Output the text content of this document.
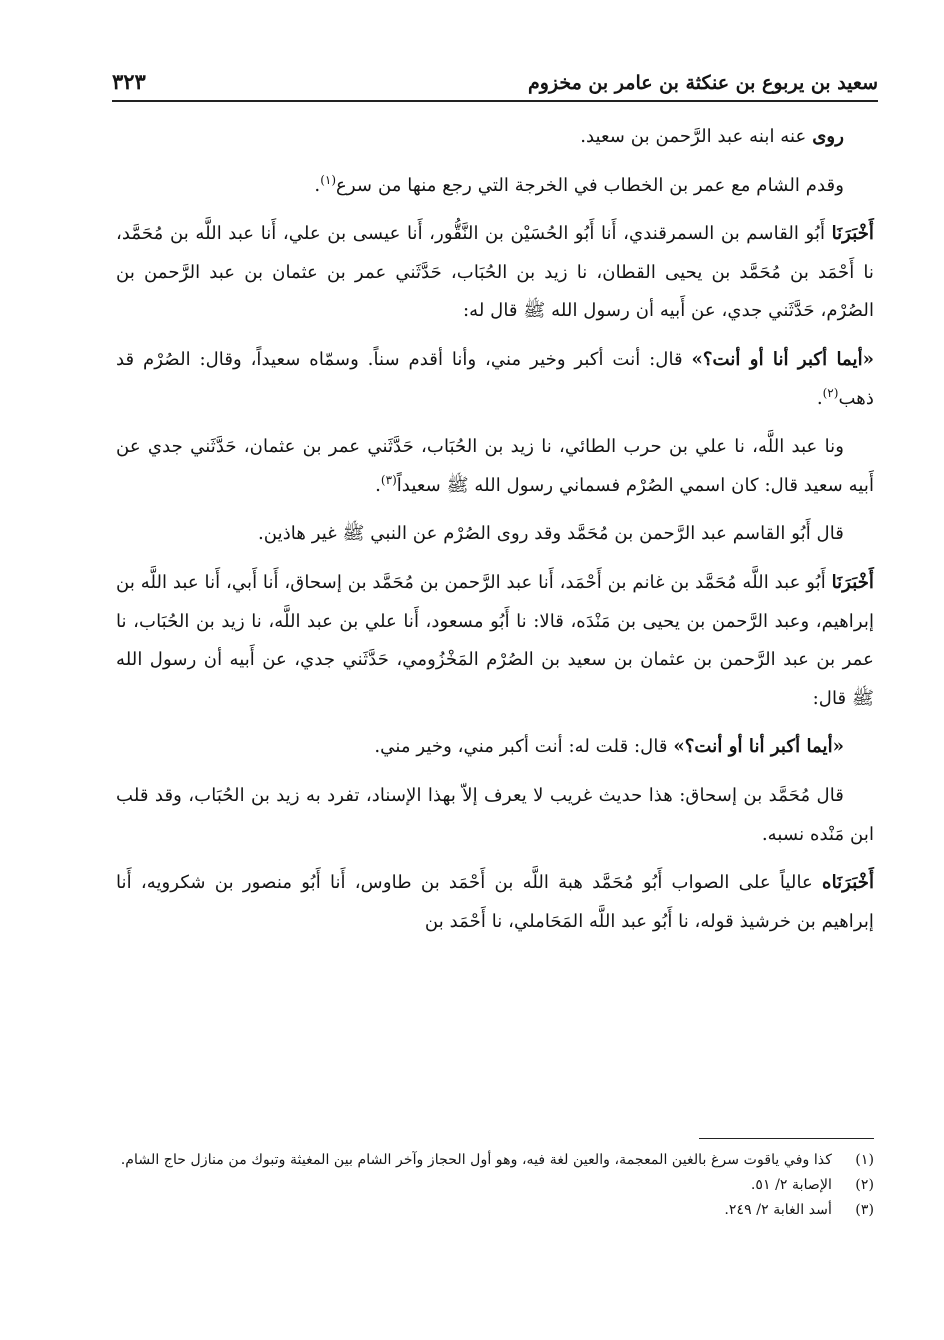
سعيد بن يربوع بن عنكثة بن عامر بن مخزوم
٣٢٣

روى عنه ابنه عبد الرَّحمن بن سعيد.

وقدم الشام مع عمر بن الخطاب في الخرجة التي رجع منها من سرع$^{(١)}$.

أَخْبَرَنَا أَبُو القاسم بن السمرقندي، أَنا أَبُو الحُسَيْن بن النَّقُّور، أَنا عيسى بن علي، أَنا عبد اللَّه بن مُحَمَّد، نا أَحْمَد بن مُحَمَّد بن يحيى القطان، نا زيد بن الحُبَاب، حَدَّثَني عمر بن عثمان بن عبد الرَّحمن بن الصُرْم، حَدَّثَني جدي، عن أَبيه أن رسول الله ﷺ قال له:

«أيما أكبر أنا أو أنت؟» قال: أنت أكبر وخير مني، وأنا أقدم سناً. وسمّاه سعيداً، وقال: الصُرْم قد ذهب$^{(٢)}$.

ونا عبد اللَّه، نا علي بن حرب الطائي، نا زيد بن الحُبَاب، حَدَّثَني عمر بن عثمان، حَدَّثَني جدي عن أَبيه سعيد قال: كان اسمي الصُرْم فسماني رسول الله ﷺ سعيداً$^{(٣)}$.

قال أَبُو القاسم عبد الرَّحمن بن مُحَمَّد وقد روى الصُرْم عن النبي ﷺ غير هاذين.

أَخْبَرَنَا أَبُو عبد اللَّه مُحَمَّد بن غانم بن أَحْمَد، أَنا عبد الرَّحمن بن مُحَمَّد بن إسحاق، أَنا أَبي، أَنا عبد اللَّه بن إبراهيم، وعبد الرَّحمن بن يحيى بن مَنْدَه، قالا: نا أَبُو مسعود، أَنا علي بن عبد اللَّه، نا زيد بن الحُبَاب، نا عمر بن عبد الرَّحمن بن عثمان بن سعيد بن الصُرْم المَخْزُومي، حَدَّثَني جدي، عن أَبيه أن رسول الله ﷺ قال:

«أيما أكبر أنا أو أنت؟» قال: قلت له: أنت أكبر مني، وخير مني.

قال مُحَمَّد بن إسحاق: هذا حديث غريب لا يعرف إلاّ بهذا الإسناد، تفرد به زيد بن الحُبَاب، وقد قلب ابن مَنْده نسبه.

أَخْبَرَنَاه عالياً على الصواب أَبُو مُحَمَّد هبة اللَّه بن أَحْمَد بن طاوس، أَنا أَبُو منصور بن شكرويه، أَنا إبراهيم بن خرشيذ قوله، نا أَبُو عبد اللَّه المَحَاملي، نا أَحْمَد بن

(١)
كذا وفي ياقوت سرغ بالغين المعجمة، والعين لغة فيه، وهو أول الحجاز وآخر الشام بين المغيثة وتبوك من منازل حاج الشام.
(٢)
الإصابة ٢/ ٥١.
(٣)
أسد الغابة ٢/ ٢٤٩.
